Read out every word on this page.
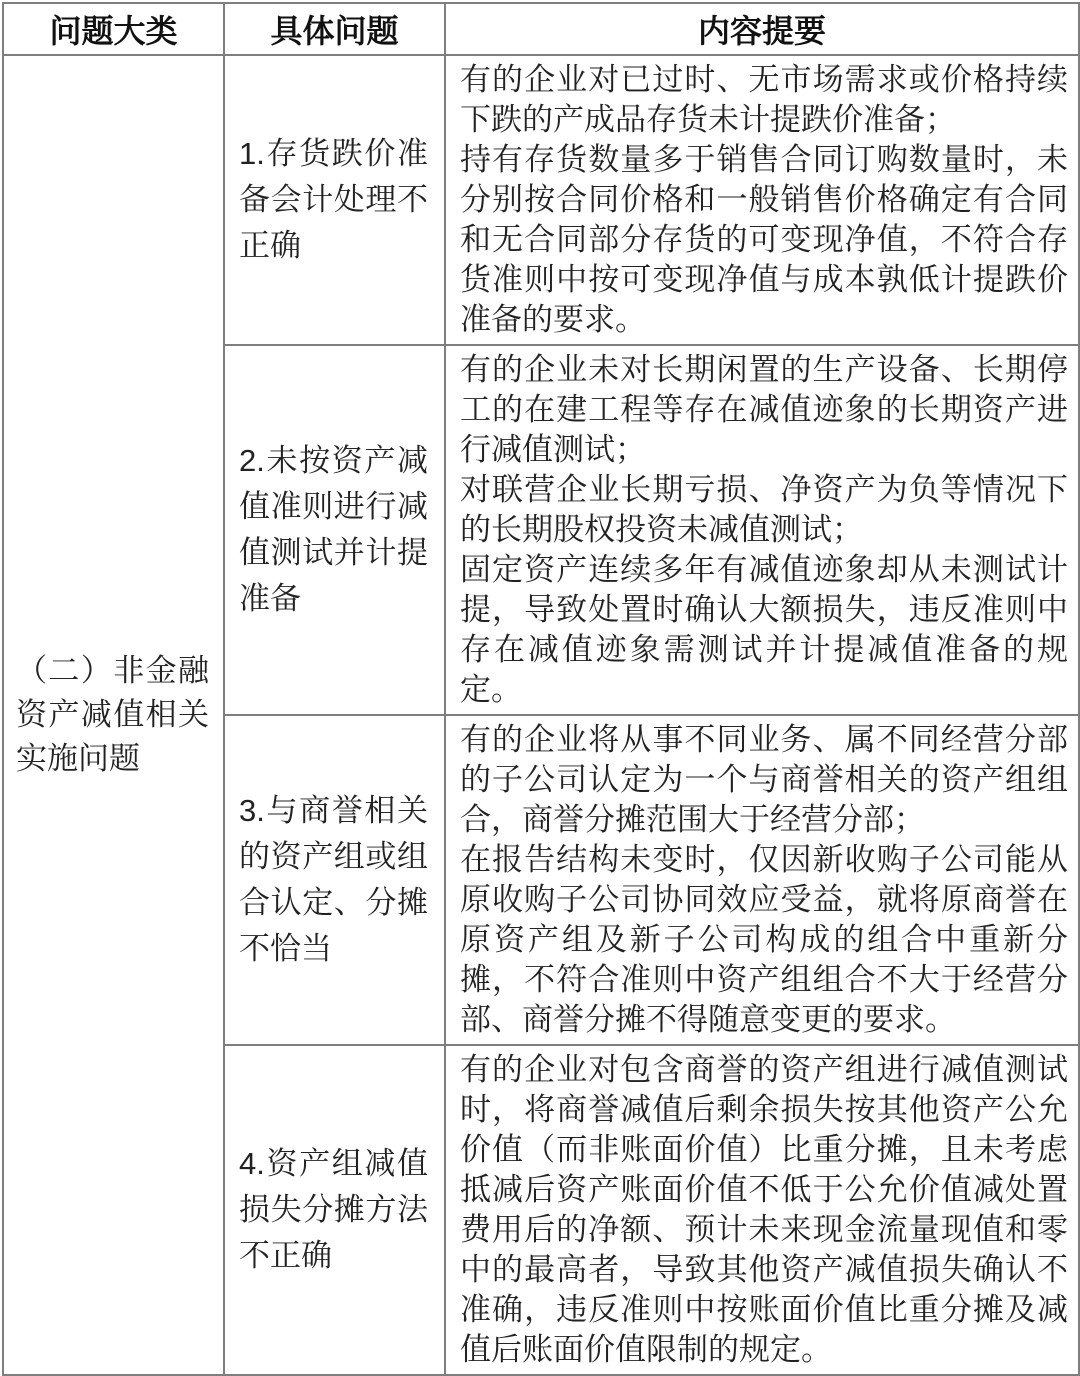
问题大类	具体问题	内容提要
（二）非金融资产减值相关实施问题	1.存货跌价准备会计处理不正确	有的企业对已过时、无市场需求或价格持续下跌的产成品存货未计提跌价准备；
持有存货数量多于销售合同订购数量时，未分别按合同价格和一般销售价格确定有合同和无合同部分存货的可变现净值，不符合存货准则中按可变现净值与成本孰低计提跌价准备的要求。
	2.未按资产减值准则进行减值测试并计提准备	有的企业未对长期闲置的生产设备、长期停工的在建工程等存在减值迹象的长期资产进行减值测试；
对联营企业长期亏损、净资产为负等情况下的长期股权投资未减值测试；
固定资产连续多年有减值迹象却从未测试计提，导致处置时确认大额损失，违反准则中存在减值迹象需测试并计提减值准备的规定。
	3.与商誉相关的资产组或组合认定、分摊不恰当	有的企业将从事不同业务、属不同经营分部的子公司认定为一个与商誉相关的资产组组合，商誉分摊范围大于经营分部；
在报告结构未变时，仅因新收购子公司能从原收购子公司协同效应受益，就将原商誉在原资产组及新子公司构成的组合中重新分摊，不符合准则中资产组组合不大于经营分部、商誉分摊不得随意变更的要求。
	4.资产组减值损失分摊方法不正确	有的企业对包含商誉的资产组进行减值测试时，将商誉减值后剩余损失按其他资产公允价值（而非账面价值）比重分摊，且未考虑抵减后资产账面价值不低于公允价值减处置费用后的净额、预计未来现金流量现值和零中的最高者，导致其他资产减值损失确认不准确，违反准则中按账面价值比重分摊及减值后账面价值限制的规定。
